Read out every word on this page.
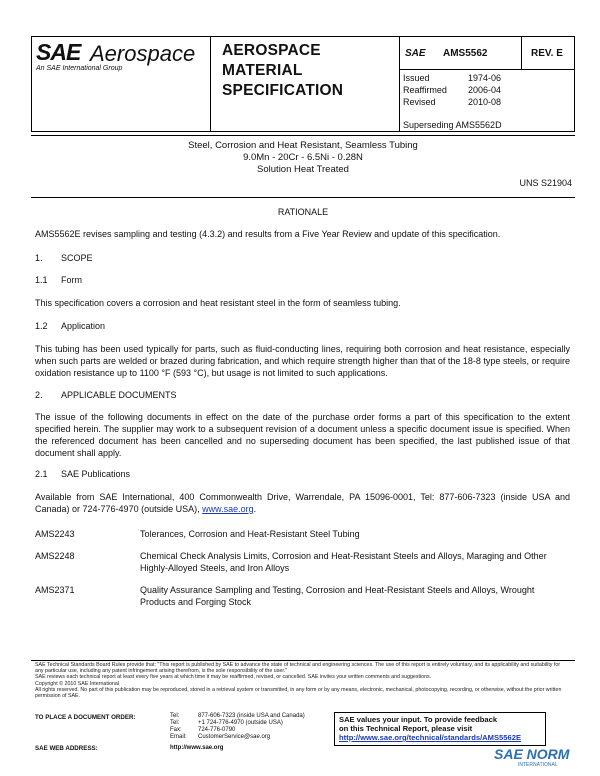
SAE Aerospace
An SAE International Group
AEROSPACE
MATERIAL
SPECIFICATION
SAE AMS5562	REV. E
Issued	1974-06
Reaffirmed 2006-04
Revised	2010-08
Superseding AMS5562D
Steel, Corrosion and Heat Resistant, Seamless Tubing
9.0Mn - 20Cr - 6.5Ni - 0.28N
Solution Heat Treated
UNS S21904
RATIONALE
AMS5562E revises sampling and testing (4.3.2) and results from a Five Year Review and update of this specification.
1. SCOPE
1.1 Form
This specification covers a corrosion and heat resistant steel in the form of seamless tubing.
1.2 Application
This tubing has been used typically for parts, such as fluid-conducting lines, requiring both corrosion and heat resistance, especially when such parts are welded or brazed during fabrication, and which require strength higher than that of the 18-8 type steels, or require oxidation resistance up to 1100 °F (593 °C), but usage is not limited to such applications.
2. APPLICABLE DOCUMENTS
The issue of the following documents in effect on the date of the purchase order forms a part of this specification to the extent specified herein. The supplier may work to a subsequent revision of a document unless a specific document issue is specified. When the referenced document has been cancelled and no superseding document has been specified, the last published issue of that document shall apply.
2.1 SAE Publications
Available from SAE International, 400 Commonwealth Drive, Warrendale, PA 15096-0001, Tel: 877-606-7323 (inside USA and Canada) or 724-776-4970 (outside USA), www.sae.org.
AMS2243	Tolerances, Corrosion and Heat-Resistant Steel Tubing
AMS2248	Chemical Check Analysis Limits, Corrosion and Heat-Resistant Steels and Alloys, Maraging and Other Highly-Alloyed Steels, and Iron Alloys
AMS2371	Quality Assurance Sampling and Testing, Corrosion and Heat-Resistant Steels and Alloys, Wrought Products and Forging Stock
SAE Technical Standards Board Rules provide that: "This report is published by SAE to advance the state of technical and engineering sciences. The use of this report is entirely voluntary, and its applicability and suitability for any particular use, including any patent infringement arising therefrom, is the sole responsibility of the user."
SAE reviews each technical report at least every five years at which time it may be reaffirmed, revised, or cancelled. SAE invites your written comments and suggestions.
Copyright © 2010 SAE International
All rights reserved. No part of this publication may be reproduced, stored in a retrieval system or transmitted, in any form or by any means, electronic, mechanical, photocopying, recording, or otherwise, without the prior written permission of SAE.
TO PLACE A DOCUMENT ORDER:	Tel:	877-606-7323 (inside USA and Canada)
Tel:	+1 724-776-4970 (outside USA)
Fax:	724-776-0790
Email: CustomerService@sae.org
SAE WEB ADDRESS:	http://www.sae.org
SAE values your input. To provide feedback
on this Technical Report, please visit
http://www.sae.org/technical/standards/AMS5562E
SAE NORM
INTERNATIONAL
